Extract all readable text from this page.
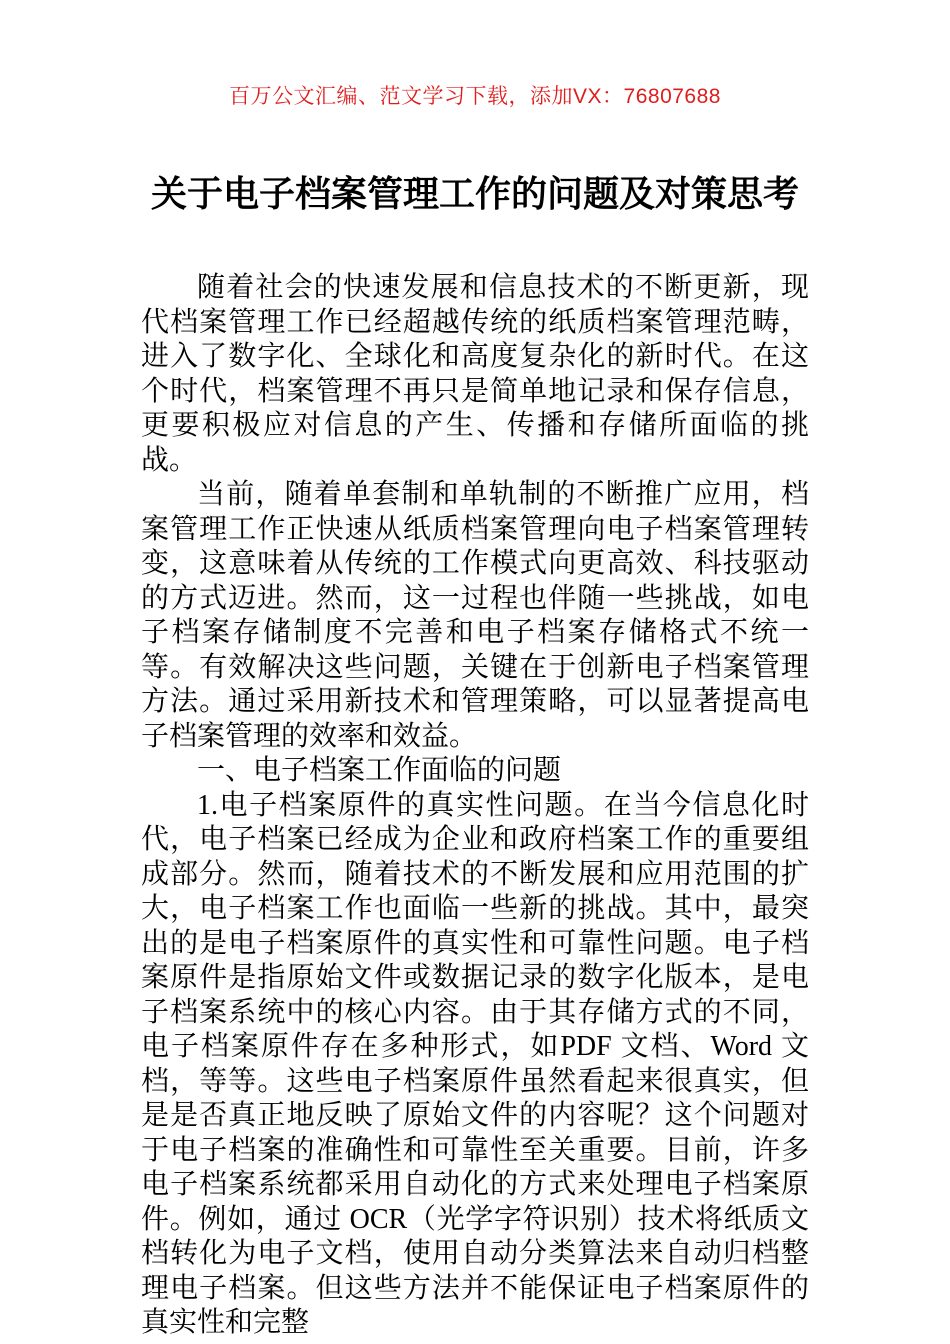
百万公文汇编、范文学习下载，添加VX：76807688
关于电子档案管理工作的问题及对策思考

随着社会的快速发展和信息技术的不断更新，现代档案管理工作已经超越传统的纸质档案管理范畴，进入了数字化、全球化和高度复杂化的新时代。在这个时代，档案管理不再只是简单地记录和保存信息，更要积极应对信息的产生、传播和存储所面临的挑战。

当前，随着单套制和单轨制的不断推广应用，档案管理工作正快速从纸质档案管理向电子档案管理转变，这意味着从传统的工作模式向更高效、科技驱动的方式迈进。然而，这一过程也伴随一些挑战，如电子档案存储制度不完善和电子档案存储格式不统一等。有效解决这些问题，关键在于创新电子档案管理方法。通过采用新技术和管理策略，可以显著提高电子档案管理的效率和效益。

一、电子档案工作面临的问题

1.电子档案原件的真实性问题。在当今信息化时代，电子档案已经成为企业和政府档案工作的重要组成部分。然而，随着技术的不断发展和应用范围的扩大，电子档案工作也面临一些新的挑战。其中，最突出的是电子档案原件的真实性和可靠性问题。电子档案原件是指原始文件或数据记录的数字化版本，是电子档案系统中的核心内容。由于其存储方式的不同，电子档案原件存在多种形式，如PDF 文档、Word 文档，等等。这些电子档案原件虽然看起来很真实，但是是否真正地反映了原始文件的内容呢？这个问题对于电子档案的准确性和可靠性至关重要。目前，许多电子档案系统都采用自动化的方式来处理电子档案原件。例如，通过 OCR（光学字符识别）技术将纸质文档转化为电子文档，使用自动分类算法来自动归档整理电子档案。但这些方法并不能保证电子档案原件的真实性和完整
